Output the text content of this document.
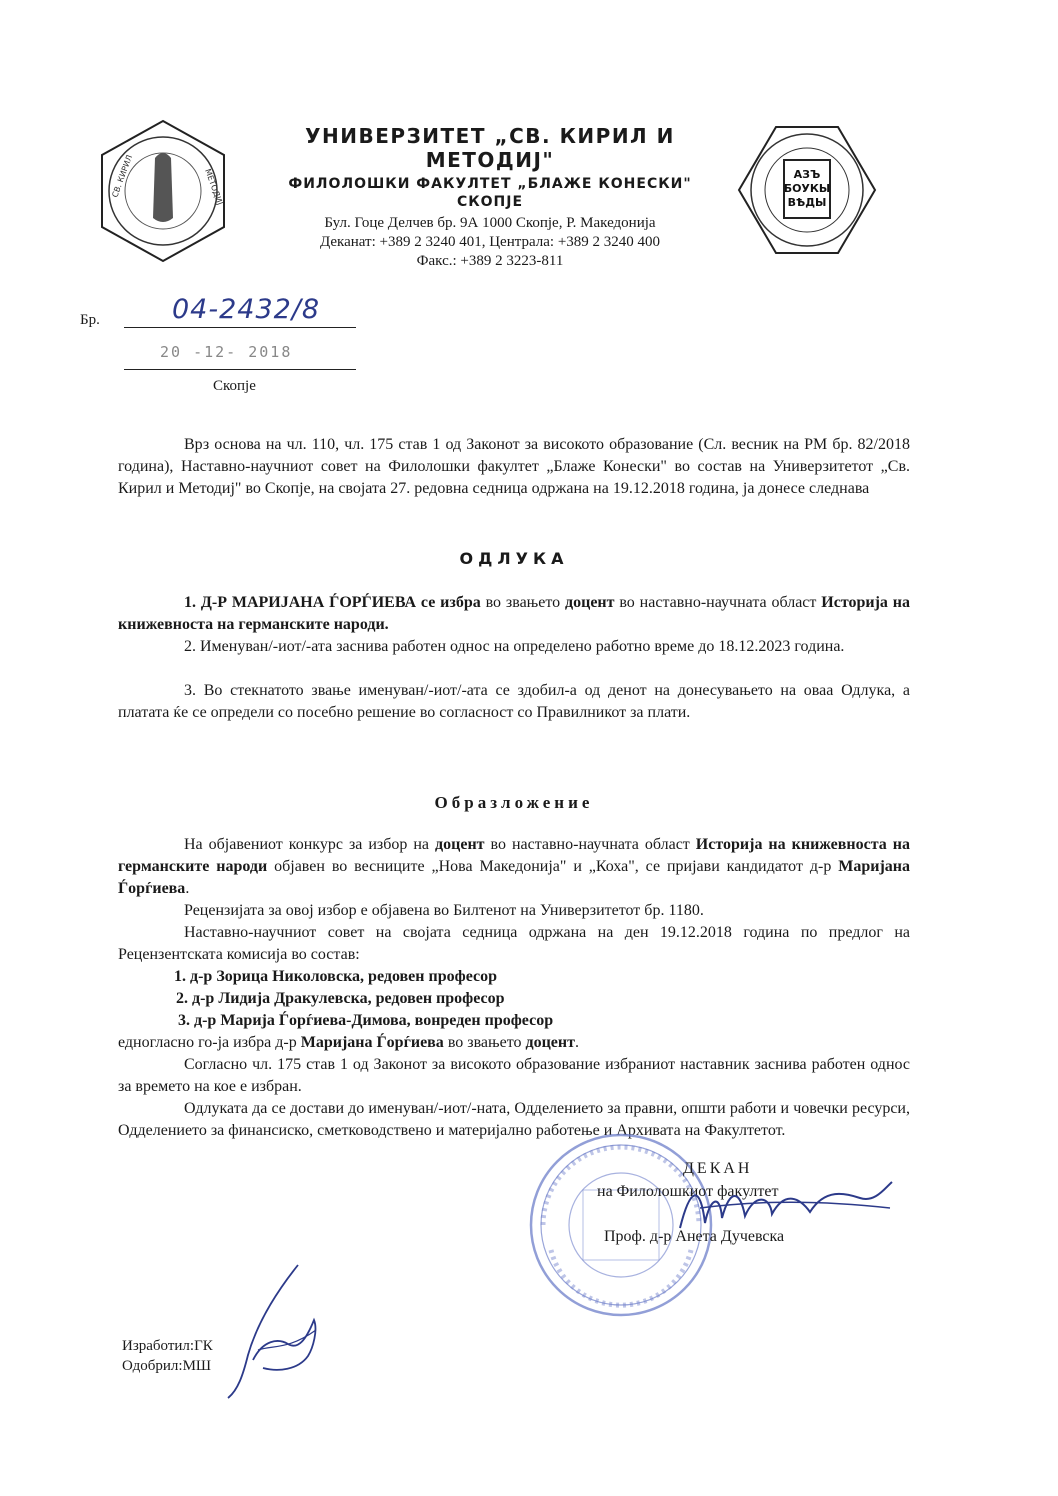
СВ. КИРИЛ	МЕТОДИЈ
УНИВЕРЗИТЕТ „СВ. КИРИЛ И МЕТОДИЈ"
ФИЛОЛОШКИ ФАКУЛТЕТ „БЛАЖЕ КОНЕСКИ"
СКОПЈЕ
Бул. Гоце Делчев бр. 9А 1000 Скопје, Р. Македонија
Деканат: +389 2 3240 401, Централа: +389 2 3240 400
Факс.: +389 2 3223-811
АЗЪ
БОУКЫ
ВѢДЫ
Бр.	04-2432/8
20 -12- 2018
Скопје
Врз основа на чл. 110, чл. 175 став 1 од Законот за високото образование (Сл. весник на РМ бр. 82/2018 година), Наставно-научниот совет на Филолошки факултет „Блаже Конески" во состав на Универзитетот „Св. Кирил и Методиј" во Скопје, на својата 27. редовна седница одржана на 19.12.2018 година, ја донесе следнава
ОДЛУКА
1. Д-Р МАРИЈАНА ЃОРЃИЕВА се избра во звањето доцент во наставно-научната област Историја на книжевноста на германските народи.
2. Именуван/-иот/-ата заснива работен однос на определено работно време до 18.12.2023 година.
3. Во стекнатото звање именуван/-иот/-ата се здобил-а од денот на донесувањето на оваа Одлука, а платата ќе се определи со посебно решение во согласност со Правилникот за плати.
Образложение
На објавениот конкурс за избор на доцент во наставно-научната област Историја на книжевноста на германските народи објавен во весниците „Нова Македонија" и „Коха", се пријави кандидатот д-р Маријана Ѓорѓиева.
Рецензијата за овој избор е објавена во Билтенот на Универзитетот бр. 1180.
Наставно-научниот совет на својата седница одржана на ден 19.12.2018 година по предлог на Рецензентската комисија во состав:
1. д-р Зорица Николовска, редовен професор
2. д-р Лидија Дракулевска, редовен професор
3. д-р Марија Ѓорѓиева-Димова, вонреден професор
едногласно го-ја избра д-р Маријана Ѓорѓиева во звањето доцент.
Согласно чл. 175 став 1 од Законот за високото образование избраниот наставник заснива работен однос за времето на кое е избран.
Одлуката да се достави до именуван/-иот/-ната, Одделението за правни, општи работи и човечки ресурси, Одделението за финансиско, сметководствено и материјално работење и Архивата на Факултетот.
ДЕКАН
на Филолошкиот факултет
Проф. д-р Анета Дучевска
Изработил:ГК
Одобрил:МШ
